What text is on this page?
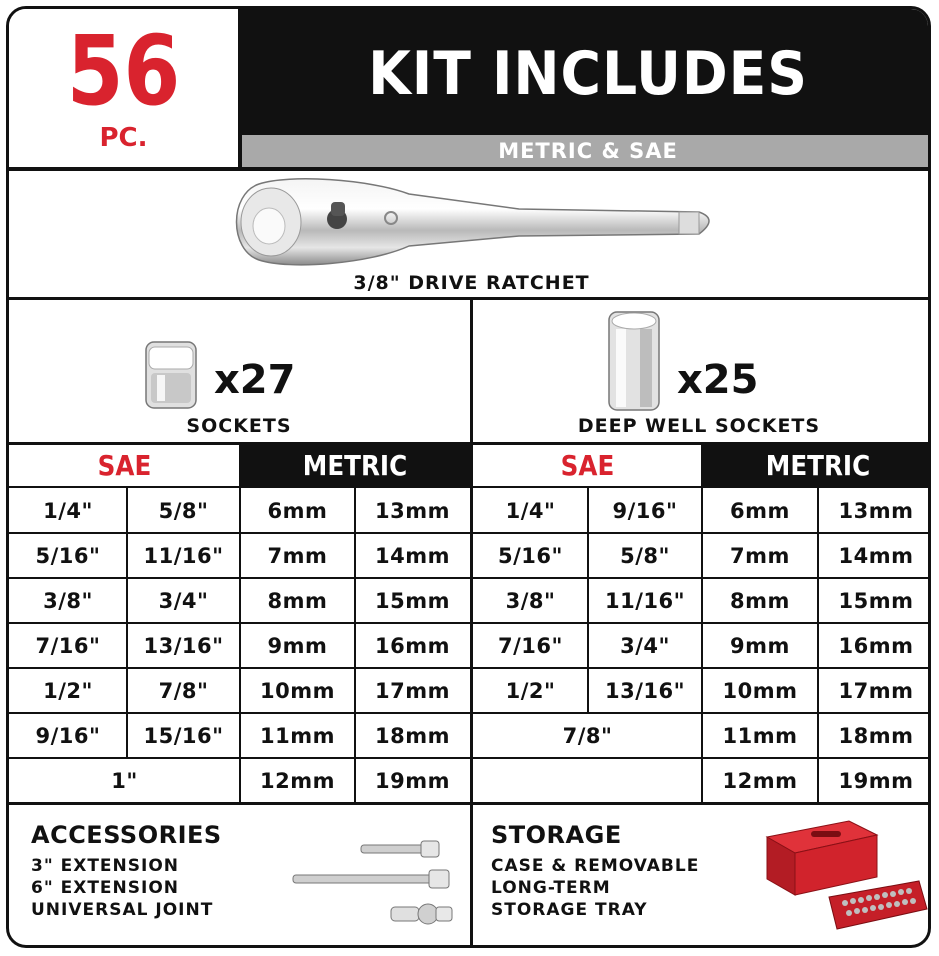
56
PC.
KIT INCLUDES
METRIC & SAE
3/8" DRIVE RATCHET
x27
SOCKETS
x25
DEEP WELL SOCKETS
SAE	METRIC	SAE	METRIC
ACCESSORIES
3" EXTENSION
6" EXTENSION
UNIVERSAL JOINT
STORAGE
CASE & REMOVABLE
LONG-TERM
STORAGE TRAY
1/4"	5/8"	6mm	13mm
5/16"	11/16"	7mm	14mm
3/8"	3/4"	8mm	15mm
7/16"	13/16"	9mm	16mm
1/2"	7/8"	10mm	17mm
9/16"	15/16"	11mm	18mm
1"	12mm	19mm
1/4"	9/16"	6mm	13mm
5/16"	5/8"	7mm	14mm
3/8"	11/16"	8mm	15mm
7/16"	3/4"	9mm	16mm
1/2"	13/16"	10mm	17mm
7/8"	11mm	18mm
12mm	19mm
